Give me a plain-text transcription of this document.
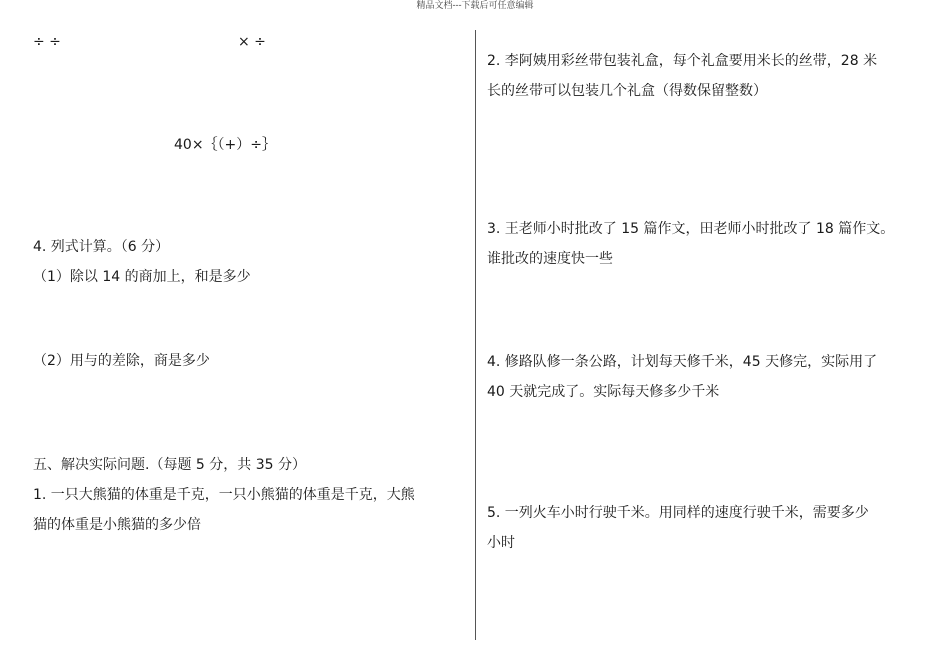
精品文档---下载后可任意编辑
÷ ÷	× ÷
40×｛（+）÷｝
4. 列式计算。（6 分）
（1）除以 14 的商加上，和是多少
（2）用与的差除，商是多少
五、解决实际问题.（每题 5 分，共 35 分）
1. 一只大熊猫的体重是千克，一只小熊猫的体重是千克，大熊
猫的体重是小熊猫的多少倍
2. 李阿姨用彩丝带包装礼盒，每个礼盒要用米长的丝带，28 米
长的丝带可以包装几个礼盒（得数保留整数）
3. 王老师小时批改了 15 篇作文，田老师小时批改了 18 篇作文。
谁批改的速度快一些
4. 修路队修一条公路，计划每天修千米，45 天修完，实际用了
40 天就完成了。实际每天修多少千米
5. 一列火车小时行驶千米。用同样的速度行驶千米，需要多少
小时
